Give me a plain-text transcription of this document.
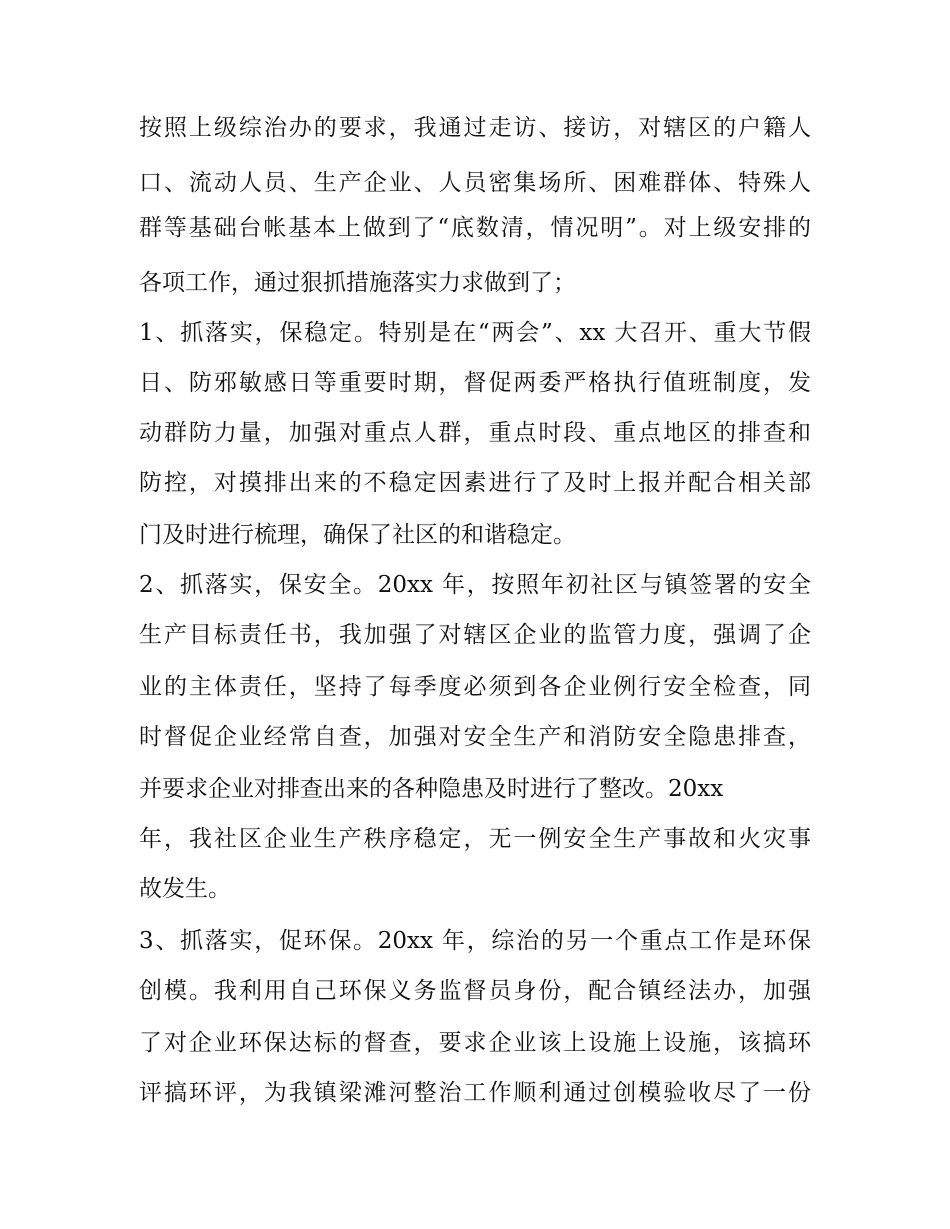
按照上级综治办的要求，我通过走访、接访，对辖区的户籍人
口、流动人员、生产企业、人员密集场所、困难群体、特殊人
群等基础台帐基本上做到了“底数清，情况明”。对上级安排的
各项工作，通过狠抓措施落实力求做到了；
1、抓落实，保稳定。特别是在“两会”、xx 大召开、重大节假
日、防邪敏感日等重要时期，督促两委严格执行值班制度，发
动群防力量，加强对重点人群，重点时段、重点地区的排查和
防控，对摸排出来的不稳定因素进行了及时上报并配合相关部
门及时进行梳理，确保了社区的和谐稳定。
2、抓落实，保安全。20xx 年，按照年初社区与镇签署的安全
生产目标责任书，我加强了对辖区企业的监管力度，强调了企
业的主体责任，坚持了每季度必须到各企业例行安全检查，同
时督促企业经常自查，加强对安全生产和消防安全隐患排查，
并要求企业对排查出来的各种隐患及时进行了整改。20xx
年，我社区企业生产秩序稳定，无一例安全生产事故和火灾事
故发生。
3、抓落实，促环保。20xx 年，综治的另一个重点工作是环保
创模。我利用自己环保义务监督员身份，配合镇经法办，加强
了对企业环保达标的督查，要求企业该上设施上设施，该搞环
评搞环评，为我镇梁滩河整治工作顺利通过创模验收尽了一份
